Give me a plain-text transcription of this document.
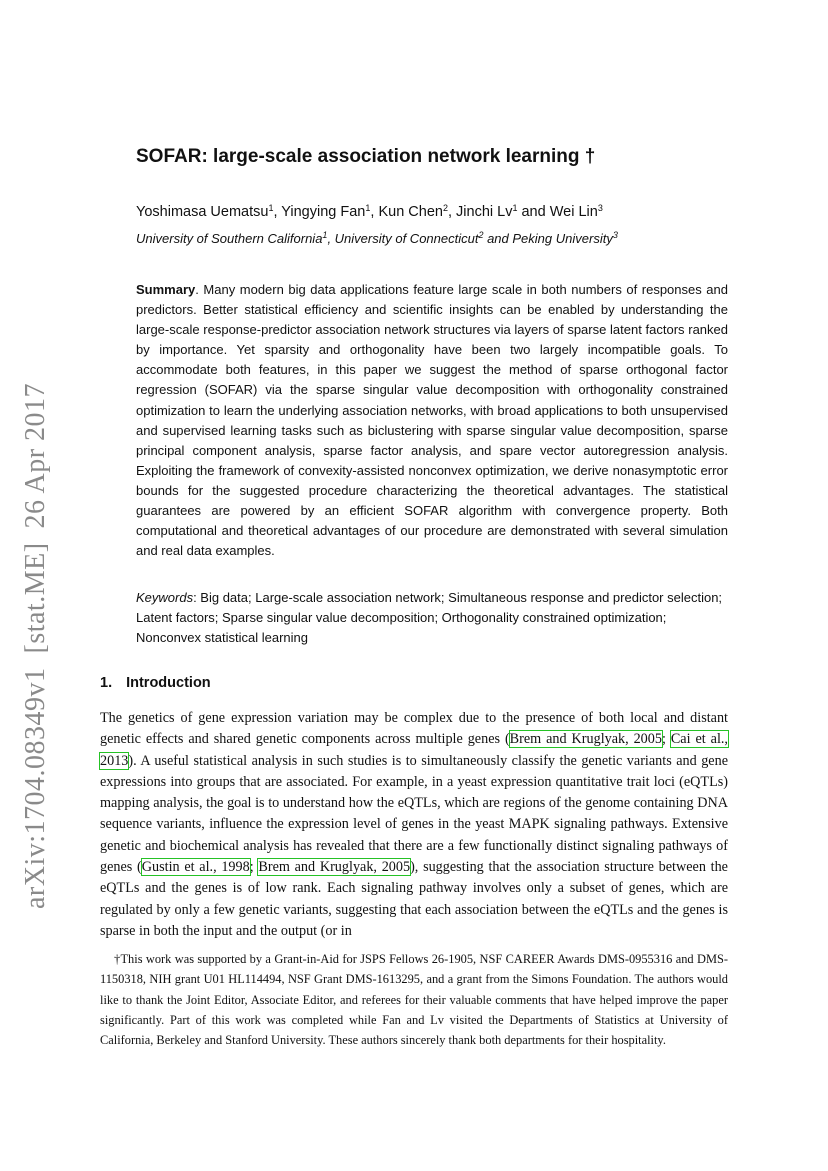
arXiv:1704.08349v1[stat.ME]26 Apr 2017
SOFAR: large-scale association network learning †
Yoshimasa Uematsu$^1$, Yingying Fan$^1$, Kun Chen$^2$, Jinchi Lv$^1$ and Wei Lin$^3$
University of Southern California$^1$, University of Connecticut$^2$ and Peking University$^3$

Summary. Many modern big data applications feature large scale in both numbers of responses and predictors. Better statistical efficiency and scientific insights can be enabled by understanding the large-scale response-predictor association network structures via layers of sparse latent factors ranked by importance. Yet sparsity and orthogonality have been two largely incompatible goals. To accommodate both features, in this paper we suggest the method of sparse orthogonal factor regression (SOFAR) via the sparse singular value decomposition with orthogonality constrained optimization to learn the underlying association networks, with broad applications to both unsupervised and supervised learning tasks such as biclustering with sparse singular value decomposition, sparse principal component analysis, sparse factor analysis, and spare vector autoregression analysis. Exploiting the framework of convexity-assisted nonconvex optimization, we derive nonasymptotic error bounds for the suggested procedure characterizing the theoretical advantages. The statistical guarantees are powered by an efficient SOFAR algorithm with convergence property. Both computational and theoretical advantages of our procedure are demonstrated with several simulation and real data examples.

Keywords: Big data; Large-scale association network; Simultaneous response and predictor selection; Latent factors; Sparse singular value decomposition; Orthogonality constrained optimization; Nonconvex statistical learning

1. Introduction

The genetics of gene expression variation may be complex due to the presence of both local and distant genetic effects and shared genetic components across multiple genes (Brem and Kruglyak, 2005; Cai et al., 2013). A useful statistical analysis in such studies is to simultaneously classify the genetic variants and gene expressions into groups that are associated. For example, in a yeast expression quantitative trait loci (eQTLs) mapping analysis, the goal is to understand how the eQTLs, which are regions of the genome containing DNA sequence variants, influence the expression level of genes in the yeast MAPK signaling pathways. Extensive genetic and biochemical analysis has revealed that there are a few functionally distinct signaling pathways of genes (Gustin et al., 1998; Brem and Kruglyak, 2005), suggesting that the association structure between the eQTLs and the genes is of low rank. Each signaling pathway involves only a subset of genes, which are regulated by only a few genetic variants, suggesting that each association between the eQTLs and the genes is sparse in both the input and the output (or in

†This work was supported by a Grant-in-Aid for JSPS Fellows 26-1905, NSF CAREER Awards DMS-0955316 and DMS-1150318, NIH grant U01 HL114494, NSF Grant DMS-1613295, and a grant from the Simons Foundation. The authors would like to thank the Joint Editor, Associate Editor, and referees for their valuable comments that have helped improve the paper significantly. Part of this work was completed while Fan and Lv visited the Departments of Statistics at University of California, Berkeley and Stanford University. These authors sincerely thank both departments for their hospitality.
